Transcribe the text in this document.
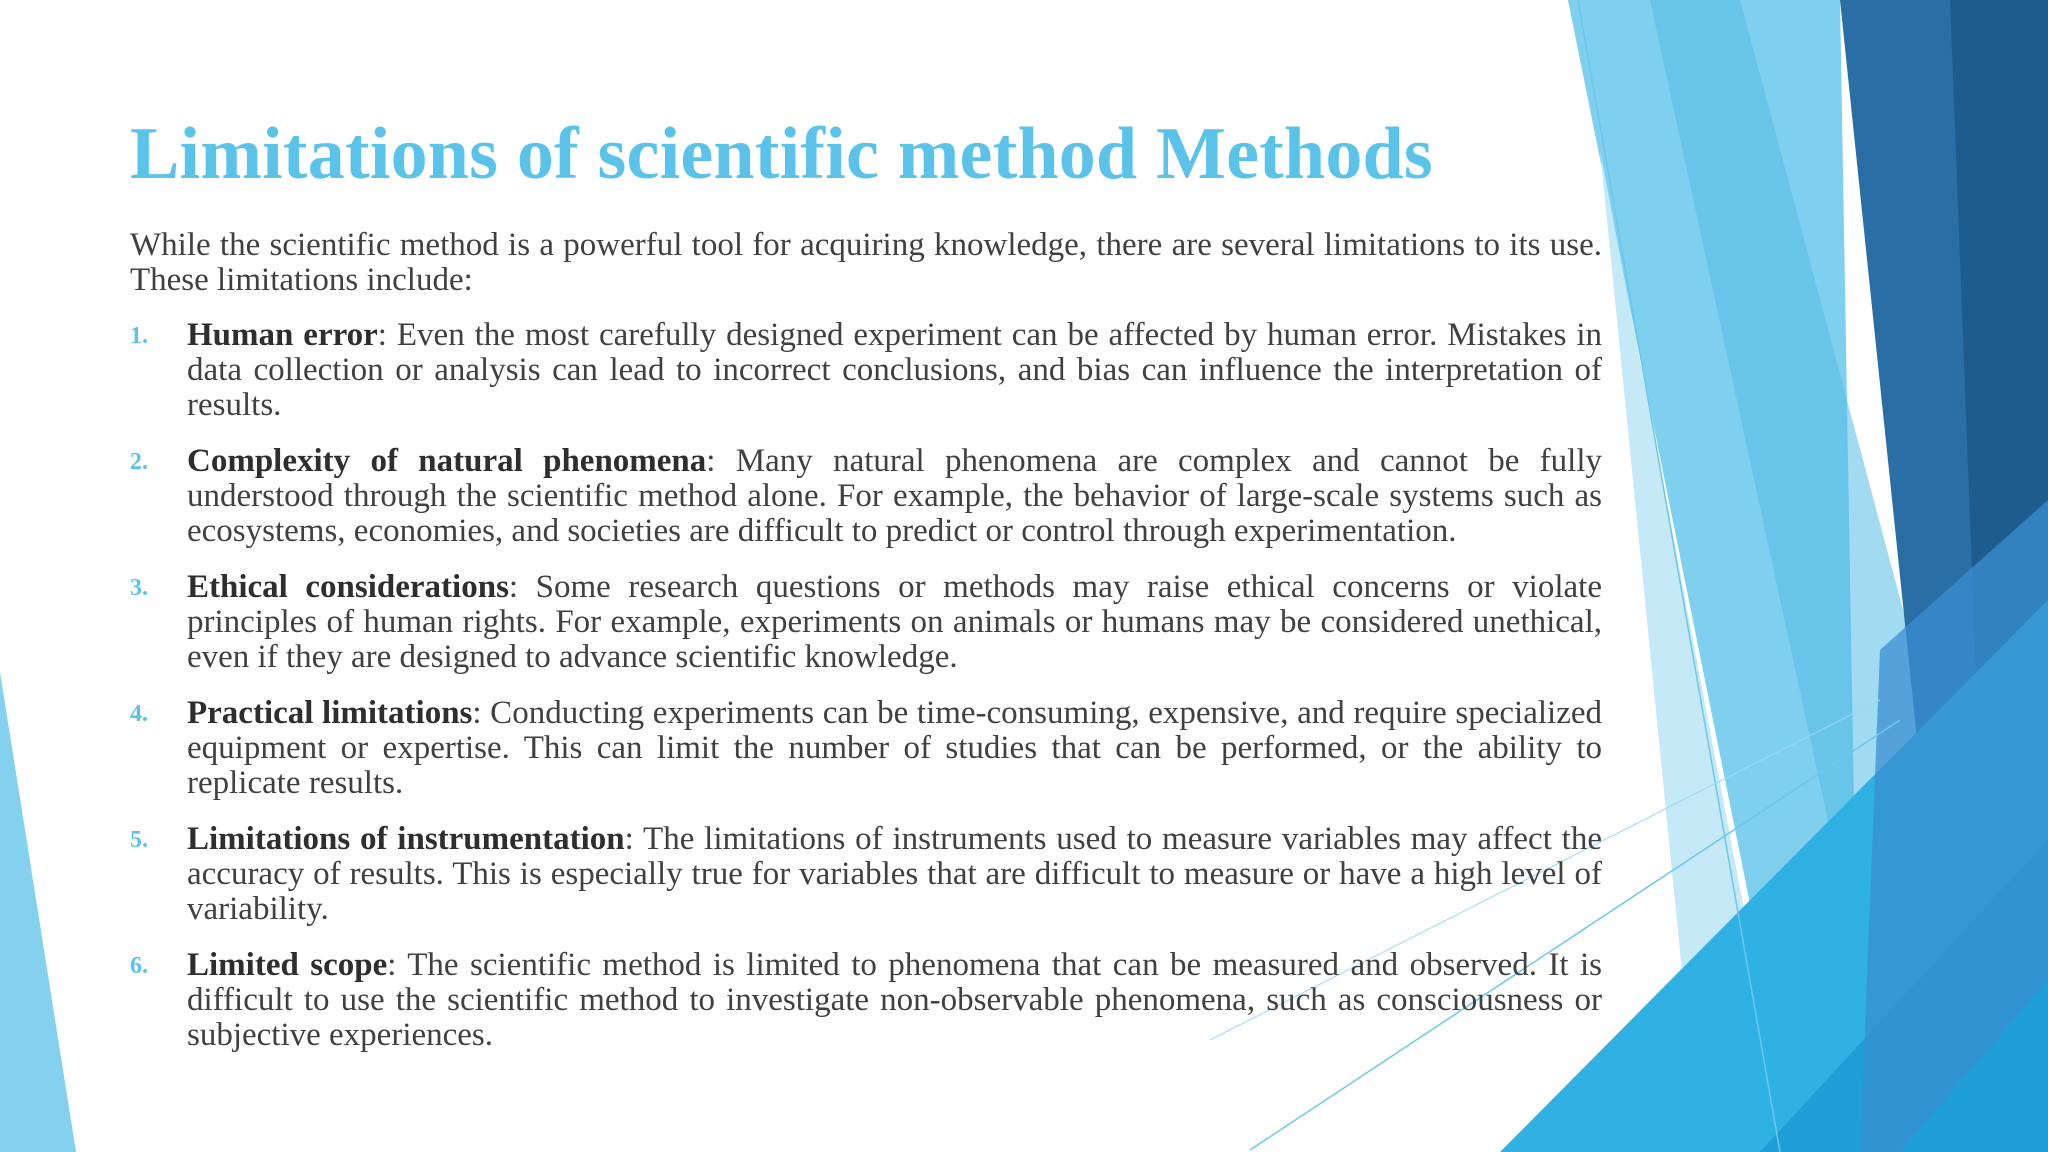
Limitations of scientific method Methods

While the scientific method is a powerful tool for acquiring knowledge, there are several limitations to its use. These limitations include:

1. Human error: Even the most carefully designed experiment can be affected by human error. Mistakes in data collection or analysis can lead to incorrect conclusions, and bias can influence the interpretation of results.
2. Complexity of natural phenomena: Many natural phenomena are complex and cannot be fully understood through the scientific method alone. For example, the behavior of large-scale systems such as ecosystems, economies, and societies are difficult to predict or control through experimentation.
3. Ethical considerations: Some research questions or methods may raise ethical concerns or violate principles of human rights. For example, experiments on animals or humans may be considered unethical, even if they are designed to advance scientific knowledge.
4. Practical limitations: Conducting experiments can be time-consuming, expensive, and require specialized equipment or expertise. This can limit the number of studies that can be performed, or the ability to replicate results.
5. Limitations of instrumentation: The limitations of instruments used to measure variables may affect the accuracy of results. This is especially true for variables that are difficult to measure or have a high level of variability.
6. Limited scope: The scientific method is limited to phenomena that can be measured and observed. It is difficult to use the scientific method to investigate non-observable phenomena, such as consciousness or subjective experiences.
